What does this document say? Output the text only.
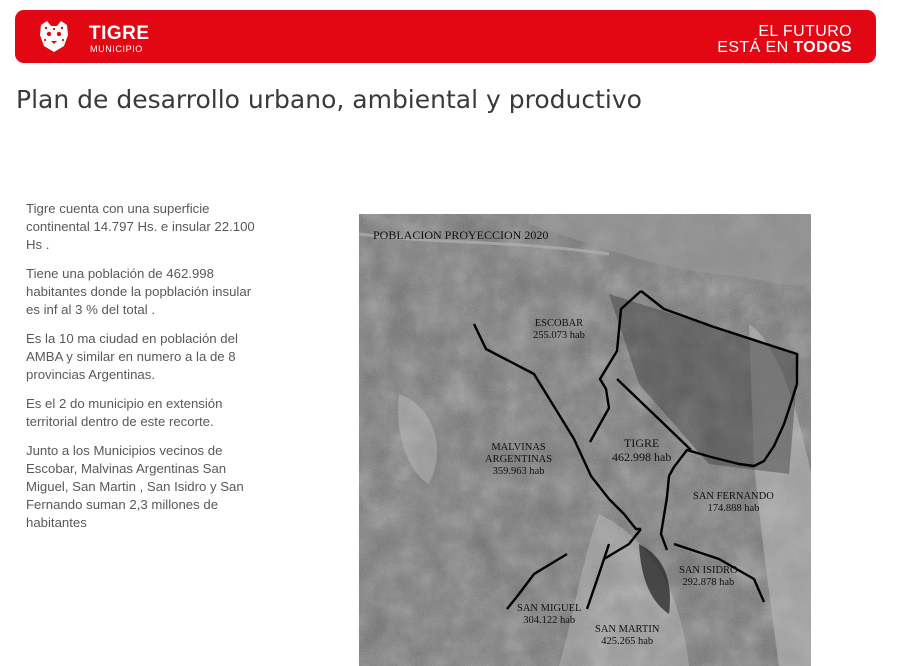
TIGRE
MUNICIPIO
EL FUTURO
ESTÁ EN TODOS
Plan de desarrollo urbano, ambiental y productivo

Tigre cuenta con una superficie continental 14.797 Hs. e insular 22.100 Hs .

Tiene una población de 462.998 habitantes donde la popblación insular es inf al 3 % del total .

Es la 10 ma ciudad en población del AMBA y similar en numero a la de 8 provincias Argentinas.

Es el 2 do municipio en extensión territorial dentro de este recorte.

Junto a los Municipios vecinos de Escobar, Malvinas Argentinas San Miguel, San Martin , San Isidro y San Fernando suman 2,3 millones de habitantes

POBLACION PROYECCION 2020
ESCOBAR
255.073 hab
MALVINAS
ARGENTINAS
359.963 hab
TIGRE
462.998 hab
SAN FERNANDO
174.888 hab
SAN ISIDRO
292.878 hab
SAN MIGUEL
304.122 hab
SAN MARTIN
425.265 hab
